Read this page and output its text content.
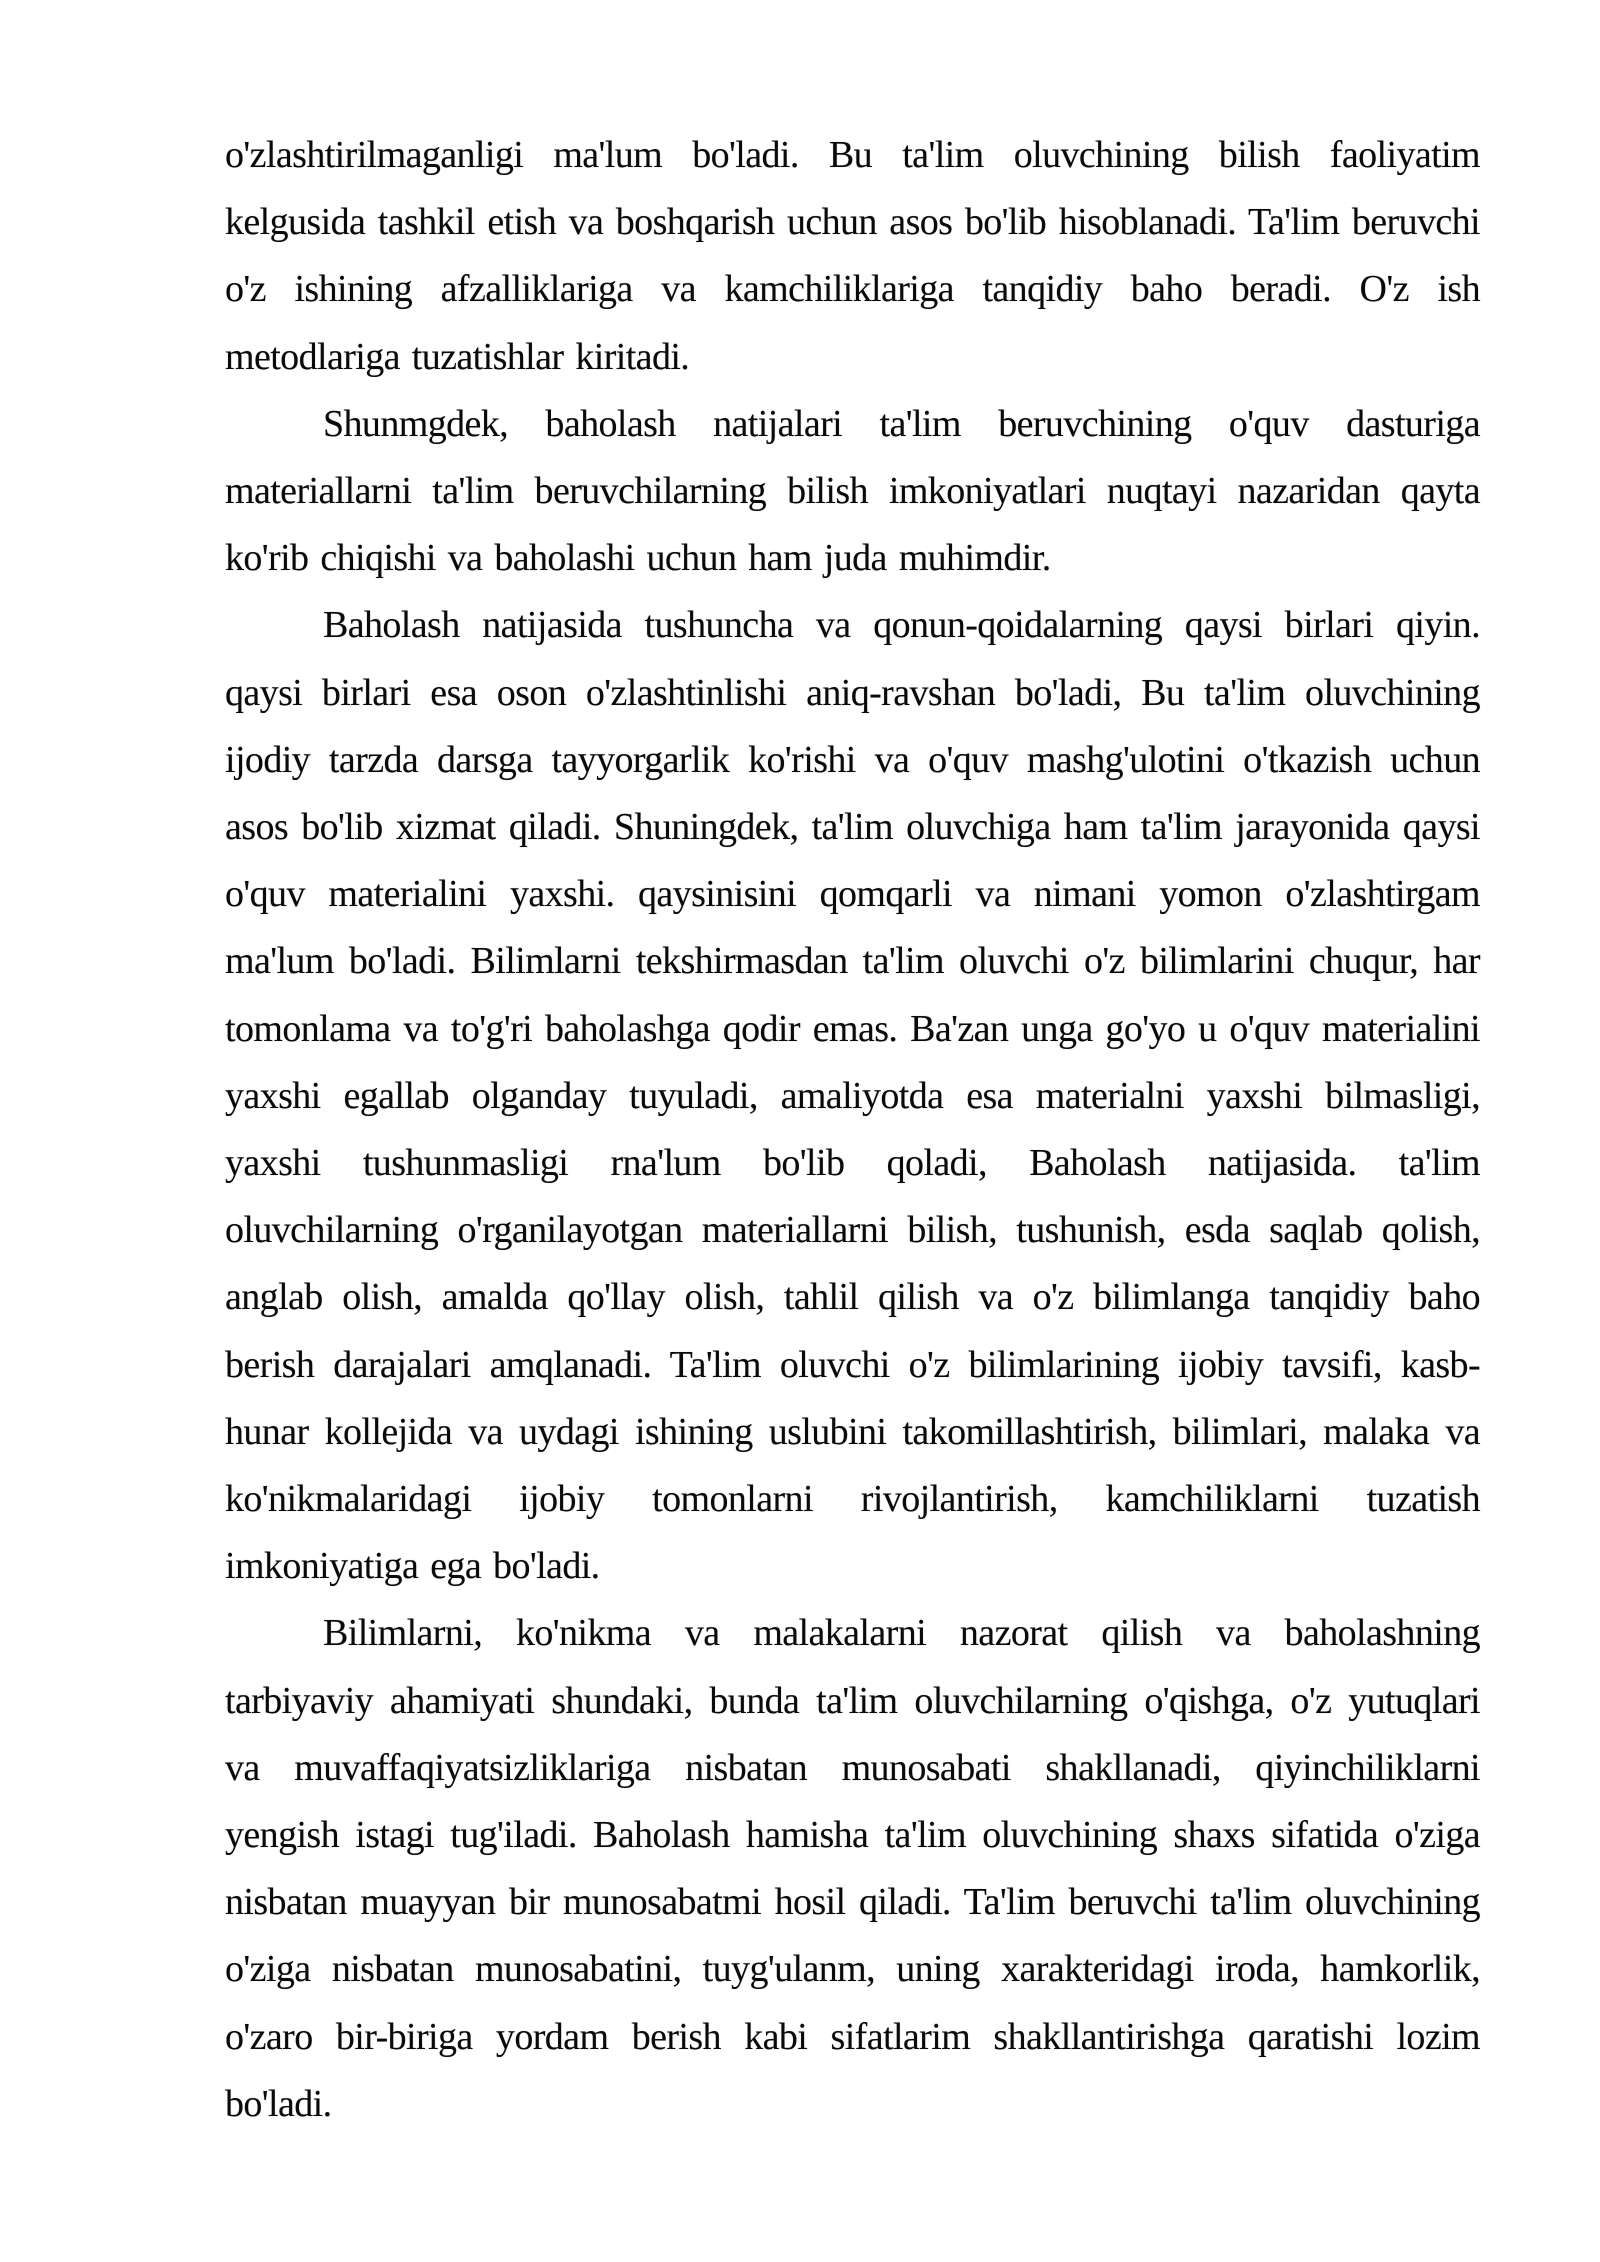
o'zlashtirilmaganligi ma'lum bo'ladi. Bu ta'lim oluvchining bilish faoliyatim kelgusida tashkil etish va boshqarish uchun asos bo'lib hisoblanadi. Ta'lim beruvchi o'z ishining afzalliklariga va kamchiliklariga tanqidiy baho beradi. O'z ish metodlariga tuzatishlar kiritadi.

Shunmgdek, baholash natijalari ta'lim beruvchining o'quv dasturiga materiallarni ta'lim beruvchilarning bilish imkoniyatlari nuqtayi nazaridan qayta ko'rib chiqishi va baholashi uchun ham juda muhimdir.

Baholash natijasida tushuncha va qonun-qoidalarning qaysi birlari qiyin. qaysi birlari esa oson o'zlashtinlishi aniq-ravshan bo'ladi, Bu ta'lim oluvchining ijodiy tarzda darsga tayyorgarlik ko'rishi va o'quv mashg'ulotini o'tkazish uchun asos bo'lib xizmat qiladi. Shuningdek, ta'lim oluvchiga ham ta'lim jarayonida qaysi o'quv materialini yaxshi. qaysinisini qomqarli va nimani yomon o'zlashtirgam ma'lum bo'ladi. Bilimlarni tekshirmasdan ta'lim oluvchi o'z bilimlarini chuqur, har tomonlama va to'g'ri baholashga qodir emas. Ba'zan unga go'yo u o'quv materialini yaxshi egallab olganday tuyuladi, amaliyotda esa materialni yaxshi bilmasligi, yaxshi tushunmasligi rna'lum bo'lib qoladi, Baholash natijasida. ta'lim oluvchilarning o'rganilayotgan materiallarni bilish, tushunish, esda saqlab qolish, anglab olish, amalda qo'llay olish, tahlil qilish va o'z bilimlanga tanqidiy baho berish darajalari amqlanadi. Ta'lim oluvchi o'z bilimlarining ijobiy tavsifi, kasb-hunar kollejida va uydagi ishining uslubini takomillashtirish, bilimlari, malaka va ko'nikmalaridagi ijobiy tomonlarni rivojlantirish, kamchiliklarni tuzatish imkoniyatiga ega bo'ladi.

Bilimlarni, ko'nikma va malakalarni nazorat qilish va baholashning tarbiyaviy ahamiyati shundaki, bunda ta'lim oluvchilarning o'qishga, o'z yutuqlari va muvaffaqiyatsizliklariga nisbatan munosabati shakllanadi, qiyinchiliklarni yengish istagi tug'iladi. Baholash hamisha ta'lim oluvchining shaxs sifatida o'ziga nisbatan muayyan bir munosabatmi hosil qiladi. Ta'lim beruvchi ta'lim oluvchining o'ziga nisbatan munosabatini, tuyg'ulanm, uning xarakteridagi iroda, hamkorlik, o'zaro bir-biriga yordam berish kabi sifatlarim shakllantirishga qaratishi lozim bo'ladi.
